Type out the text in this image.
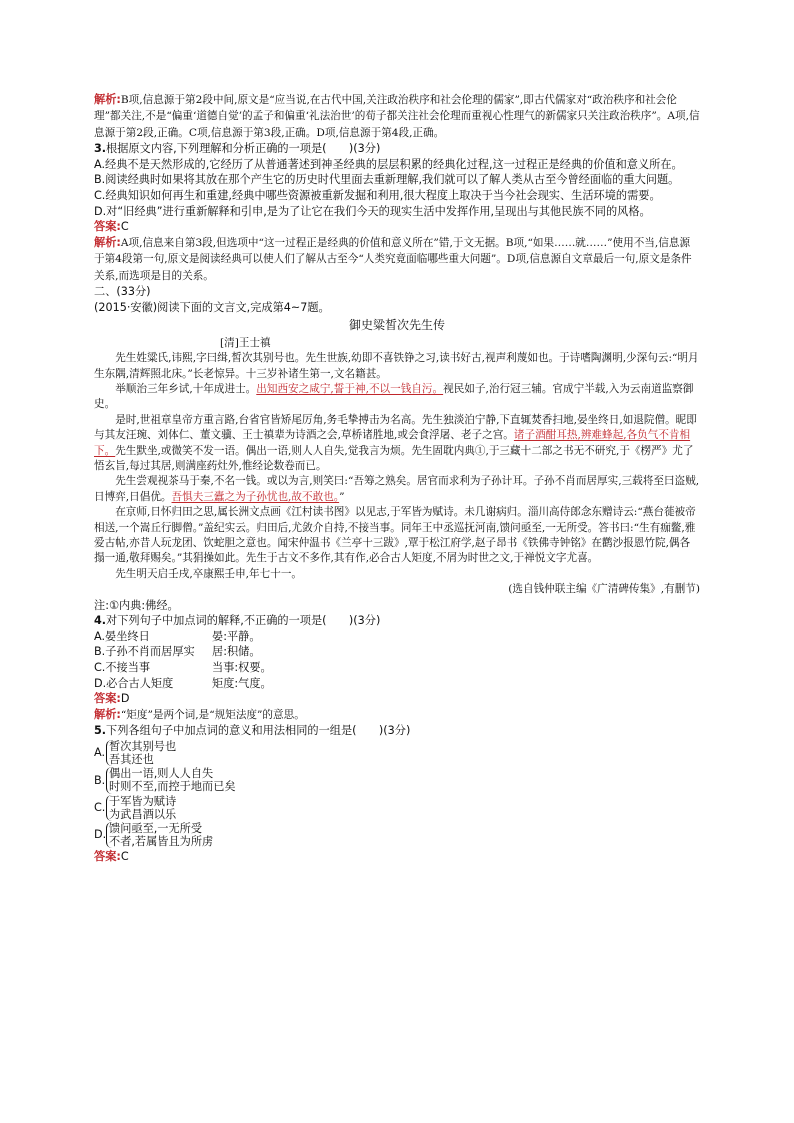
解析:B项,信息源于第2段中间,原文是“应当说,在古代中国,关注政治秩序和社会伦理的儒家”,即古代儒家对“政治秩序和社会伦理”都关注,不是“偏重‘道德自觉’的孟子和偏重‘礼法治世’的荀子都关注社会伦理而重视心性理气的新儒家只关注政治秩序”。A项,信息源于第2段,正确。C项,信息源于第3段,正确。D项,信息源于第4段,正确。

3.根据原文内容,下列理解和分析正确的一项是(　　)(3分)

A.经典不是天然形成的,它经历了从普通著述到神圣经典的层层积累的经典化过程,这一过程正是经典的价值和意义所在。

B.阅读经典时如果将其放在那个产生它的历史时代里面去重新理解,我们就可以了解人类从古至今曾经面临的重大问题。

C.经典知识如何再生和重建,经典中哪些资源被重新发掘和利用,很大程度上取决于当今社会现实、生活环境的需要。

D.对“旧经典”进行重新解释和引申,是为了让它在我们今天的现实生活中发挥作用,呈现出与其他民族不同的风格。

答案:C

解析:A项,信息来自第3段,但选项中“这一过程正是经典的价值和意义所在”错,于文无据。B项,“如果……就……”使用不当,信息源于第4段第一句,原文是阅读经典可以使人们了解从古至今“人类究竟面临哪些重大问题”。D项,信息源自文章最后一句,原文是条件关系,而选项是目的关系。

二、(33分)

(2015·安徽)阅读下面的文言文,完成第4~7题。

御史粱皙次先生传

[清]王士禛

先生姓粱氏,讳熙,字曰缉,皙次其别号也。先生世族,幼即不喜铁铮之习,读书好古,视声利蔑如也。于诗嗜陶渊明,少深句云:“明月生东隅,清辉照北床。”长老惊异。十三岁补诸生第一,文名籍甚。

举顺治三年乡试,十年成进士。出知西安之咸宁,誓于神,不以一钱自污。视民如子,治行冠三辅。官成宁半载,入为云南道监察御史。

是时,世祖章皇帝方重言路,台省官皆矫尾厉角,务毛挚搏击为名高。先生独淡泊宁静,下直辄焚香扫地,晏坐终日,如退院僧。昵即与其友汪琬、刘体仁、董文骥、王士禛辈为诗酒之会,草桥诸胜地,或会食浮屠、老子之宫。诸子酒酣耳热,辨难蜂起,各负气不肯相下。先生默坐,或微笑不发一语。偶出一语,则人人自失,觉我言为烦。先生固耽内典①,于三藏十二部之书无不研究,于《楞严》尤了悟玄旨,每过其居,则满座药灶外,惟经论数卷而已。

先生尝观视茶马于秦,不名一钱。或以为言,则笑曰:“吾筹之熟矣。居官而求利为子孙计耳。子孙不肖而居厚实,三载将至曰盗贼,日博弈,日倡优。吾惧夫三蠹之为子孙忧也,故不敢也。”

在京师,日怀归田之思,属长洲文点画《江村读书图》以见志,于军皆为赋诗。未几谢病归。淄川高侍郎念东赠诗云:“燕台蓰被帝相送,一个嵩丘行脚僧。”盖纪实云。归田后,尤敛介自持,不接当事。同年王中丞巡抚河南,馈问亟至,一无所受。答书曰:“生有痂鳖,雅爱古帖,亦昔人玩龙团、饮蛇胆之意也。闻宋仲温书《兰亭十三跋》,覃于松江府学,赵子昂书《铁佛寺钟铭》在鹳沙报恩竹院,偶各搨一通,敬拜赐矣。”其狷操如此。先生于古文不多作,其有作,必合古人矩度,不屑为时世之文,于禅悦文字尤喜。

先生明天启壬戌,卒康熙壬申,年七十一。

(选自钱仲联主编《广清碑传集》,有删节)

注:①内典:佛经。

4.对下列句子中加点词的解释,不正确的一项是(　　)(3分)

A.晏坐终日	晏:平静。
B.子孙不肖而居厚实	居:积储。
C.不接当事	当事:权要。
D.必合古人矩度	矩度:气度。

答案:D

解析:“矩度”是两个词,是“规矩法度”的意思。

5.下列各组句子中加点词的意义和用法相同的一组是(　　)(3分)

A. 皙次其别号也
吾其还也
B. 偶出一语,则人人自失
时则不至,而控于地而已矣
C. 于军皆为赋诗
为武昌酒以乐
D. 馈问亟至,一无所受
不者,若属皆且为所虏

答案:C
